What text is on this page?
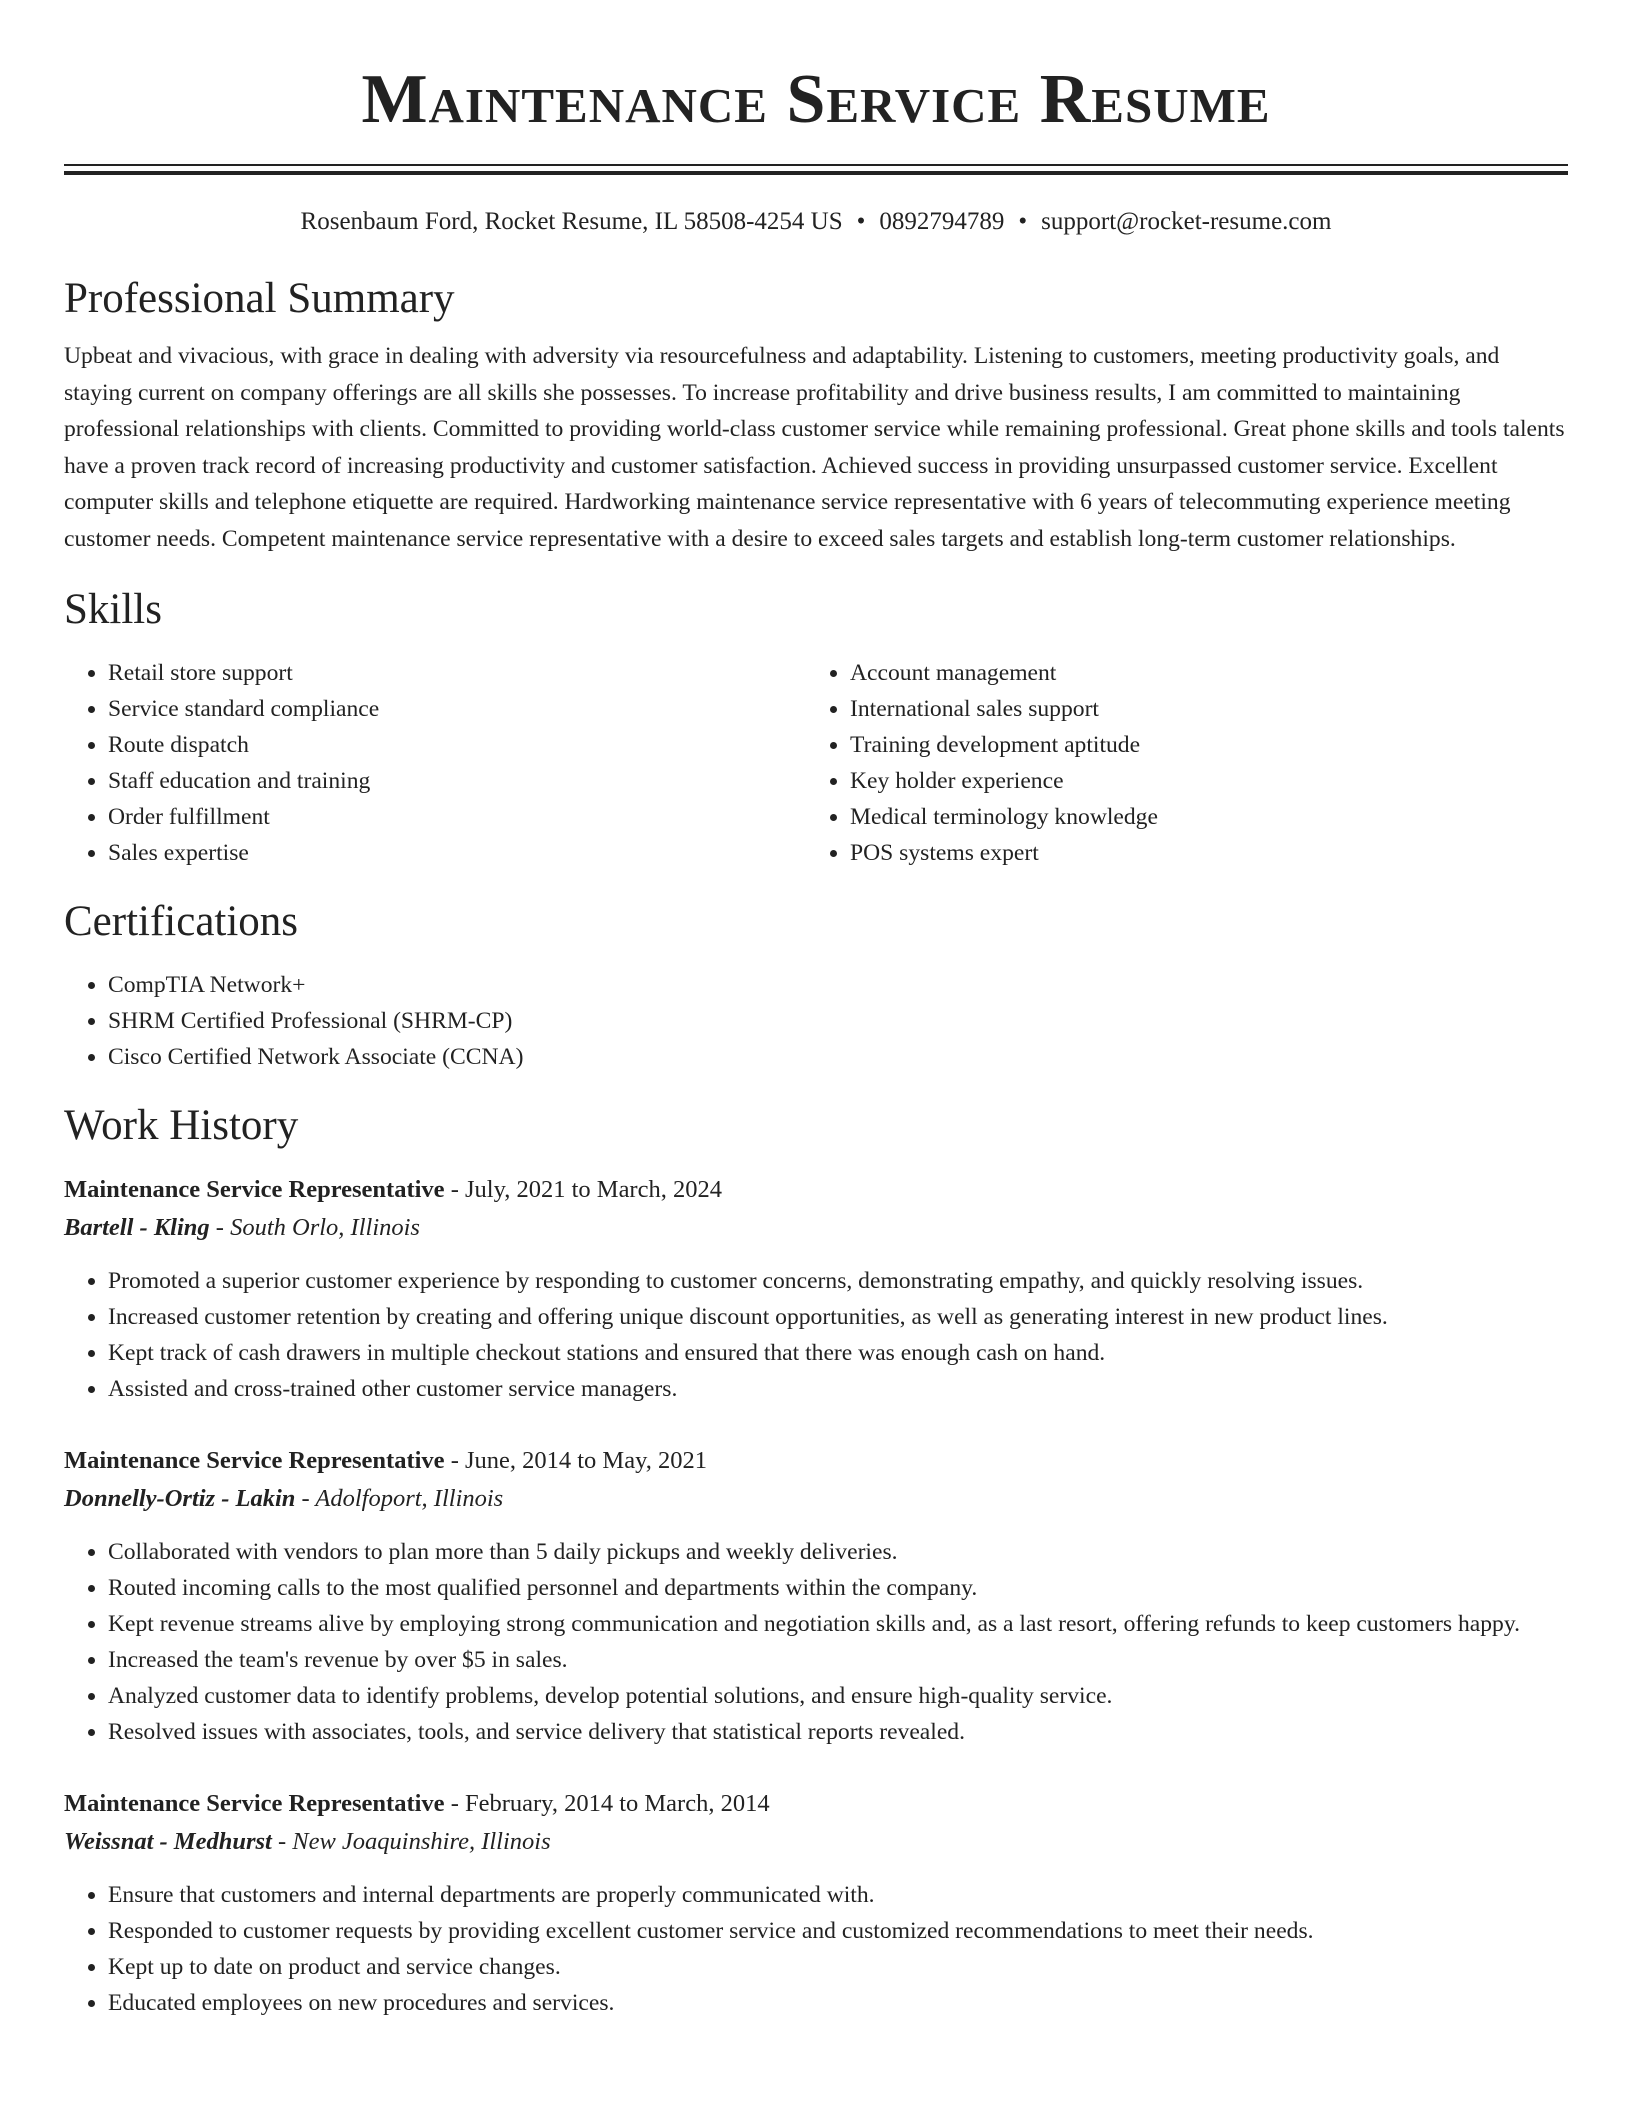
Maintenance Service Resume
Rosenbaum Ford, Rocket Resume, IL 58508-4254 US • 0892794789 • support@rocket-resume.com
Professional Summary

Upbeat and vivacious, with grace in dealing with adversity via resourcefulness and adaptability. Listening to customers, meeting productivity goals, and staying current on company offerings are all skills she possesses. To increase profitability and drive business results, I am committed to maintaining professional relationships with clients. Committed to providing world-class customer service while remaining professional. Great phone skills and tools talents have a proven track record of increasing productivity and customer satisfaction. Achieved success in providing unsurpassed customer service. Excellent computer skills and telephone etiquette are required. Hardworking maintenance service representative with 6 years of telecommuting experience meeting customer needs. Competent maintenance service representative with a desire to exceed sales targets and establish long-term customer relationships.

Skills
• Retail store support
• Service standard compliance
• Route dispatch
• Staff education and training
• Order fulfillment
• Sales expertise
• Account management
• International sales support
• Training development aptitude
• Key holder experience
• Medical terminology knowledge
• POS systems expert
Certifications
• CompTIA Network+
• SHRM Certified Professional (SHRM-CP)
• Cisco Certified Network Associate (CCNA)
Work History
Maintenance Service Representative - July, 2021 to March, 2024
Bartell - Kling - South Orlo, Illinois
• Promoted a superior customer experience by responding to customer concerns, demonstrating empathy, and quickly resolving issues.
• Increased customer retention by creating and offering unique discount opportunities, as well as generating interest in new product lines.
• Kept track of cash drawers in multiple checkout stations and ensured that there was enough cash on hand.
• Assisted and cross-trained other customer service managers.
Maintenance Service Representative - June, 2014 to May, 2021
Donnelly-Ortiz - Lakin - Adolfoport, Illinois
• Collaborated with vendors to plan more than 5 daily pickups and weekly deliveries.
• Routed incoming calls to the most qualified personnel and departments within the company.
• Kept revenue streams alive by employing strong communication and negotiation skills and, as a last resort, offering refunds to keep customers happy.
• Increased the team's revenue by over $5 in sales.
• Analyzed customer data to identify problems, develop potential solutions, and ensure high-quality service.
• Resolved issues with associates, tools, and service delivery that statistical reports revealed.
Maintenance Service Representative - February, 2014 to March, 2014
Weissnat - Medhurst - New Joaquinshire, Illinois
• Ensure that customers and internal departments are properly communicated with.
• Responded to customer requests by providing excellent customer service and customized recommendations to meet their needs.
• Kept up to date on product and service changes.
• Educated employees on new procedures and services.
